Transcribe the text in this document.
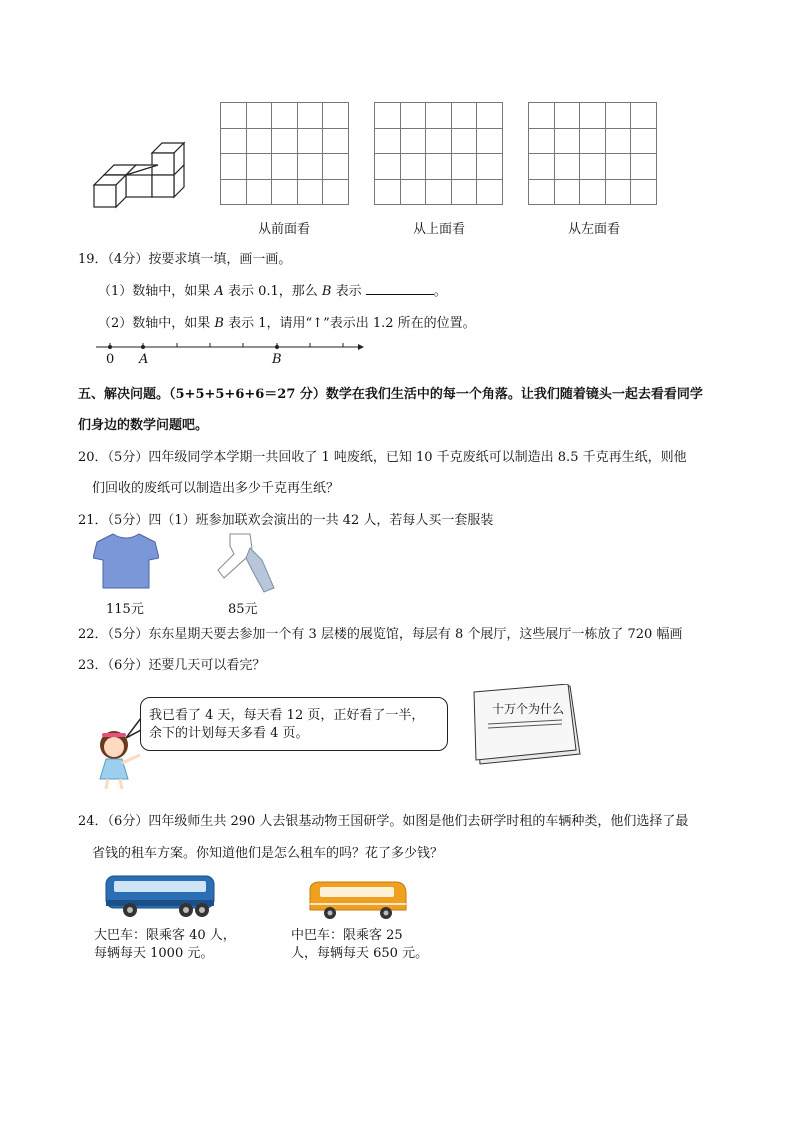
从前面看	从上面看	从左面看
19．（4分）按要求填一填，画一画。
（1）数轴中，如果 A 表示 0.1，那么 B 表示	。
（2）数轴中，如果 B 表示 1，请用“↑”表示出 1.2 所在的位置。
0 A	B
五、解决问题。（5+5+5+6+6＝27 分）数学在我们生活中的每一个角落。让我们随着镜头一起去看看同学
们身边的数学问题吧。
20．（5分）四年级同学本学期一共回收了 1 吨废纸，已知 10 千克废纸可以制造出 8.5 千克再生纸，则他
们回收的废纸可以制造出多少千克再生纸？
21．（5分）四（1）班参加联欢会演出的一共 42 人，若每人买一套服装
115元	85元
22．（5分）东东星期天要去参加一个有 3 层楼的展览馆，每层有 8 个展厅，这些展厅一栋放了 720 幅画
23．（6分）还要几天可以看完？
我已看了 4 天，每天看 12 页，正好看了一半，
余下的计划每天多看 4 页。
十万个为什么
24．（6分）四年级师生共 290 人去银基动物王国研学。如图是他们去研学时租的车辆种类，他们选择了最
省钱的租车方案。你知道他们是怎么租车的吗？花了多少钱？
大巴车：限乘客 40 人，
每辆每天 1000 元。
中巴车：限乘客 25
人，每辆每天 650 元。
